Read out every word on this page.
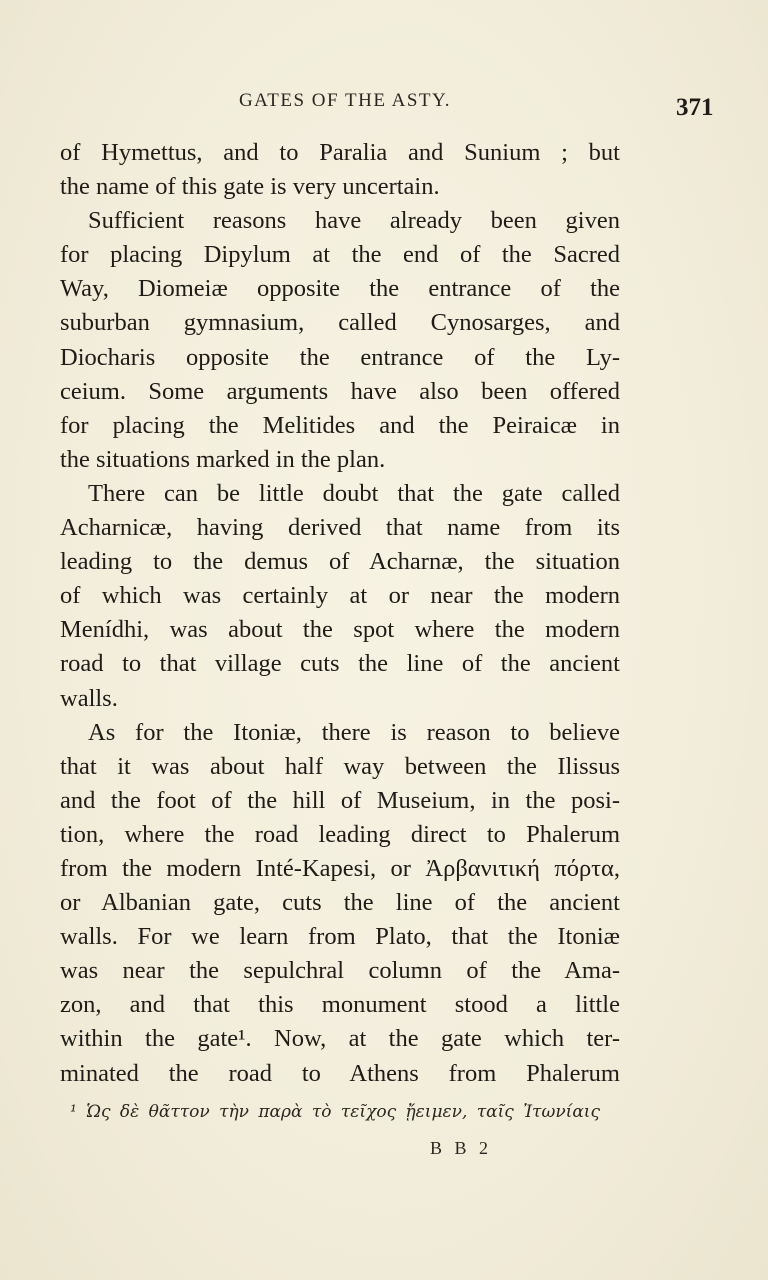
GATES OF THE ASTY.	371
of Hymettus, and to Paralia and Sunium ; but
the name of this gate is very uncertain.
Sufficient reasons have already been given
for placing Dipylum at the end of the Sacred
Way, Diomeiæ opposite the entrance of the
suburban gymnasium, called Cynosarges, and
Diocharis opposite the entrance of the Ly-
ceium. Some arguments have also been offered
for placing the Melitides and the Peiraicæ in
the situations marked in the plan.
There can be little doubt that the gate called
Acharnicæ, having derived that name from its
leading to the demus of Acharnæ, the situation
of which was certainly at or near the modern
Menídhi, was about the spot where the modern
road to that village cuts the line of the ancient
walls.
As for the Itoniæ, there is reason to believe
that it was about half way between the Ilissus
and the foot of the hill of Museium, in the posi-
tion, where the road leading direct to Phalerum
from the modern Inté-Kapesi, or Ἀρβανιτική πόρτα,
or Albanian gate, cuts the line of the ancient
walls. For we learn from Plato, that the Itoniæ
was near the sepulchral column of the Ama-
zon, and that this monument stood a little
within the gate¹. Now, at the gate which ter-
minated the road to Athens from Phalerum
¹ Ὡς δὲ θᾶττον τὴν παρὰ τὸ τεῖχος ᾔειμεν, ταῖς Ἰτωνίαις
B B 2
